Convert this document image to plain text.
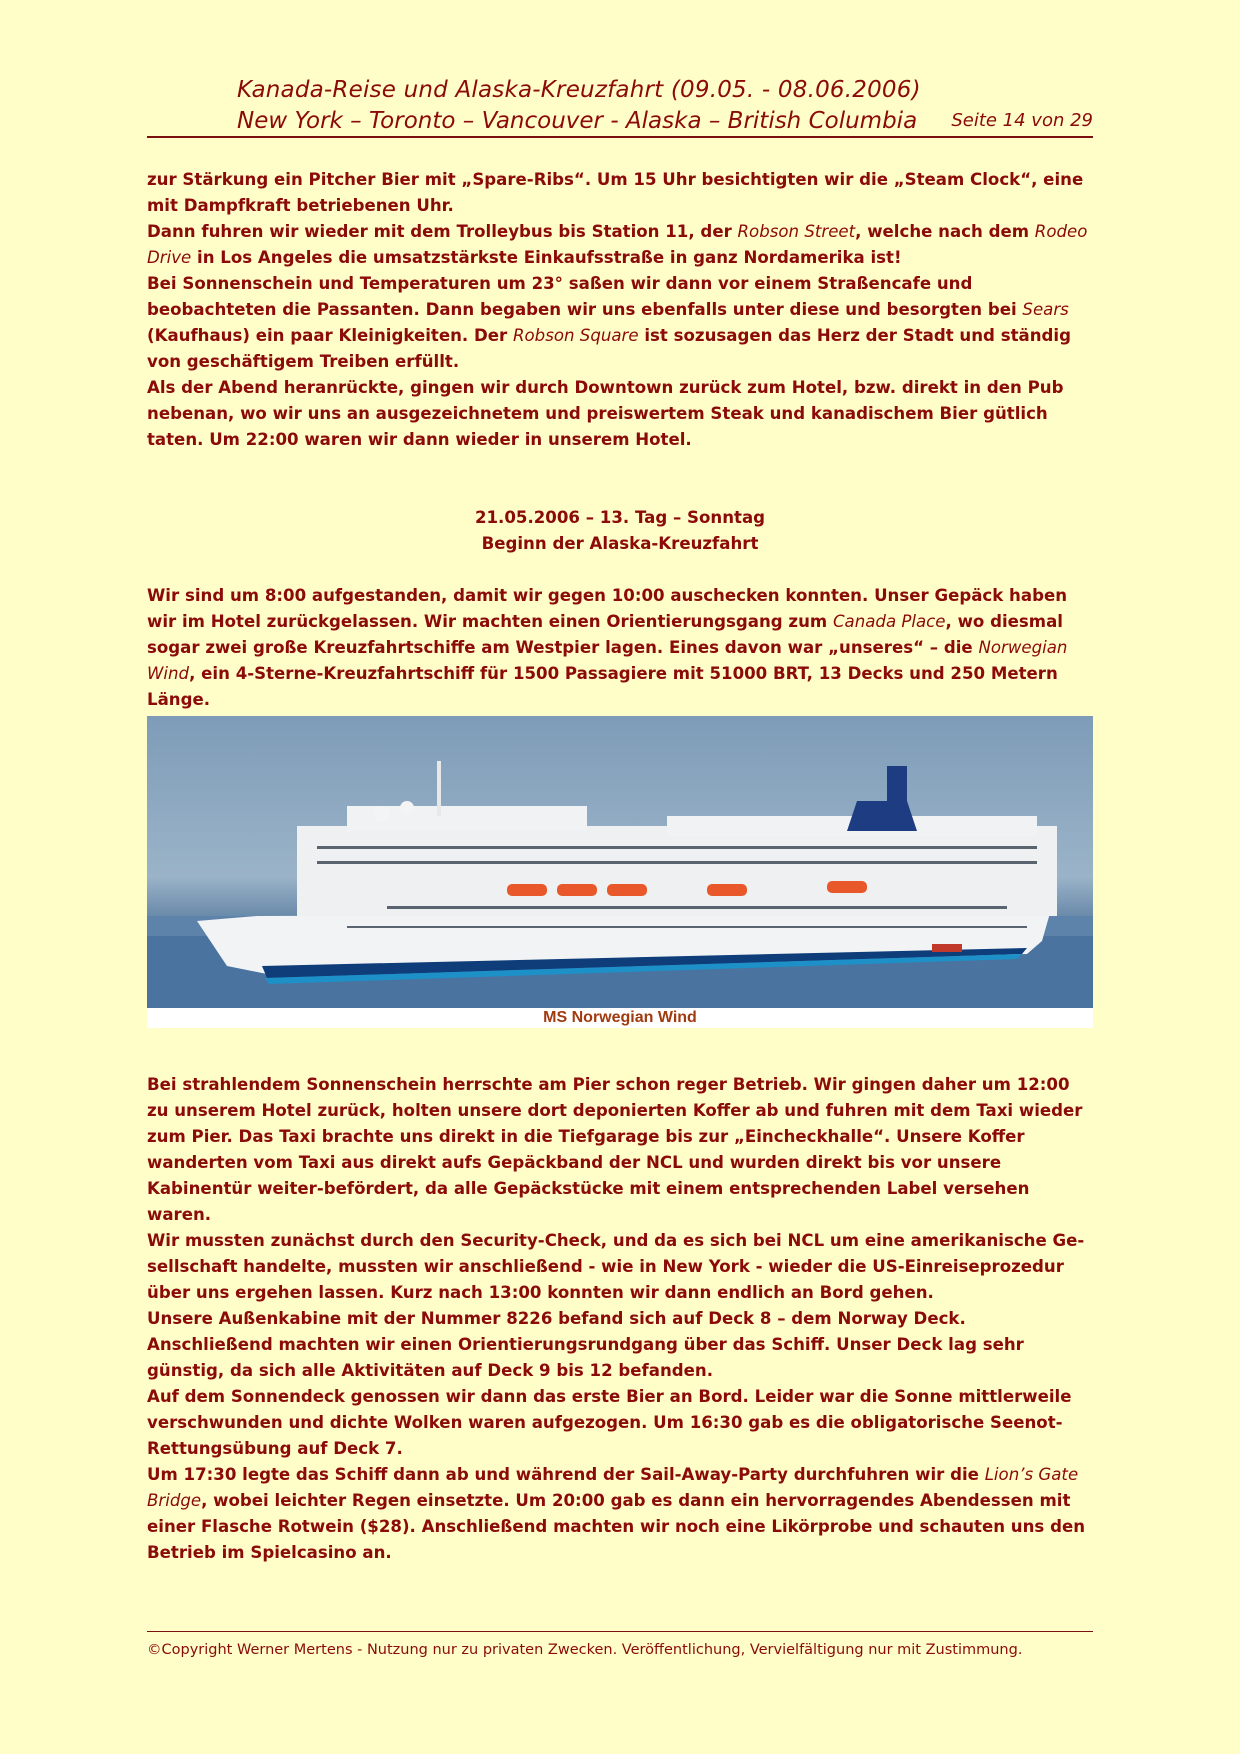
Kanada-Reise und Alaska-Kreuzfahrt (09.05. - 08.06.2006)
New York – Toronto – Vancouver - Alaska – British Columbia Seite 14 von 29

zur Stärkung ein Pitcher Bier mit „Spare-Ribs“. Um 15 Uhr besichtigten wir die „Steam Clock“, eine mit Dampfkraft betriebenen Uhr.

Dann fuhren wir wieder mit dem Trolleybus bis Station 11, der Robson Street, welche nach dem Rodeo Drive in Los Angeles die umsatzstärkste Einkaufsstraße in ganz Nordamerika ist!

Bei Sonnenschein und Temperaturen um 23° saßen wir dann vor einem Straßencafe und beobachteten die Passanten. Dann begaben wir uns ebenfalls unter diese und besorgten bei Sears (Kaufhaus) ein paar Kleinigkeiten. Der Robson Square ist sozusagen das Herz der Stadt und ständig von geschäftigem Treiben erfüllt.

Als der Abend heranrückte, gingen wir durch Downtown zurück zum Hotel, bzw. direkt in den Pub nebenan, wo wir uns an ausgezeichnetem und preiswertem Steak und kanadischem Bier gütlich taten. Um 22:00 waren wir dann wieder in unserem Hotel.

21.05.2006 – 13. Tag – Sonntag

Beginn der Alaska-Kreuzfahrt

Wir sind um 8:00 aufgestanden, damit wir gegen 10:00 auschecken konnten. Unser Gepäck haben wir im Hotel zurückgelassen. Wir machten einen Orientierungsgang zum Canada Place, wo diesmal sogar zwei große Kreuzfahrtschiffe am Westpier lagen. Eines davon war „unseres“ – die Norwegian Wind, ein 4-Sterne-Kreuzfahrtschiff für 1500 Passagiere mit 51000 BRT, 13 Decks und 250 Metern Länge.

MS Norwegian Wind

Bei strahlendem Sonnenschein herrschte am Pier schon reger Betrieb. Wir gingen daher um 12:00 zu unserem Hotel zurück, holten unsere dort deponierten Koffer ab und fuhren mit dem Taxi wieder zum Pier. Das Taxi brachte uns direkt in die Tiefgarage bis zur „Eincheckhalle“. Unsere Koffer wanderten vom Taxi aus direkt aufs Gepäckband der NCL und wurden direkt bis vor unsere Kabinentür weiter-befördert, da alle Gepäckstücke mit einem entsprechenden Label versehen waren.

Wir mussten zunächst durch den Security-Check, und da es sich bei NCL um eine amerikanische Ge-sellschaft handelte, mussten wir anschließend - wie in New York - wieder die US-Einreiseprozedur über uns ergehen lassen. Kurz nach 13:00 konnten wir dann endlich an Bord gehen.

Unsere Außenkabine mit der Nummer 8226 befand sich auf Deck 8 – dem Norway Deck. Anschließend machten wir einen Orientierungsrundgang über das Schiff. Unser Deck lag sehr günstig, da sich alle Aktivitäten auf Deck 9 bis 12 befanden.

Auf dem Sonnendeck genossen wir dann das erste Bier an Bord. Leider war die Sonne mittlerweile verschwunden und dichte Wolken waren aufgezogen. Um 16:30 gab es die obligatorische Seenot-Rettungsübung auf Deck 7.

Um 17:30 legte das Schiff dann ab und während der Sail-Away-Party durchfuhren wir die Lion’s Gate Bridge, wobei leichter Regen einsetzte. Um 20:00 gab es dann ein hervorragendes Abendessen mit einer Flasche Rotwein ($28). Anschließend machten wir noch eine Likörprobe und schauten uns den Betrieb im Spielcasino an.

©Copyright Werner Mertens - Nutzung nur zu privaten Zwecken. Veröffentlichung, Vervielfältigung nur mit Zustimmung.
